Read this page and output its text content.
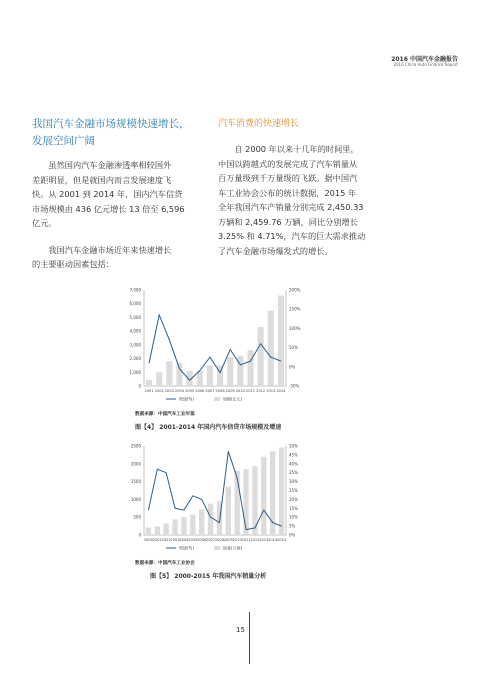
2016 中国汽车金融报告
2016 China Auto Finance Report
我国汽车金融市场规模快速增长，
发展空间广阔
虽然国内汽车金融渗透率相较国外
差距明显，但是就国内而言发展速度飞
快。从 2001 到 2014 年，国内汽车信贷
市场规模由 436 亿元增长 13 倍至 6,596
亿元。
我国汽车金融市场近年来快速增长
的主要驱动因素包括：
汽车消费的快速增长
自 2000 年以来十几年的时间里，
中国以跨越式的发展完成了汽车销量从
百万量级到千万量级的飞跃。据中国汽
车工业协会公布的统计数据，2015 年
全年我国汽车产销量分别完成 2,450.33
万辆和 2,459.76 万辆，同比分别增长
3.25% 和 4.71%，汽车的巨大需求推动
了汽车金融市场爆发式的增长。
7,000
6,000
5,000
4,000
3,000
2,000
1,000
0
200%
150%
100%
50%
0%
-50%
2001 2002 2003 2004 2005 2006 2007 2008 2009 2010 2011 2012 2013 2014
增速(%)	规模(亿元)
数据来源：中国汽车工业年鉴
图【4】 2001-2014 年国内汽车信贷市场规模及增速
2500
2000
1500
1000
500
0
50%
45%
40%
35%
30%
25%
20%
15%
10%
5%
0%
2000 2001 2002 2003 2004 2005 2006 2007 2008 2009 2010 2011 2012 2013 2014 2015
增速(%)	销量(万辆)
数据来源：中国汽车工业协会
图【5】 2000-2015 年我国汽车销量分析
15
